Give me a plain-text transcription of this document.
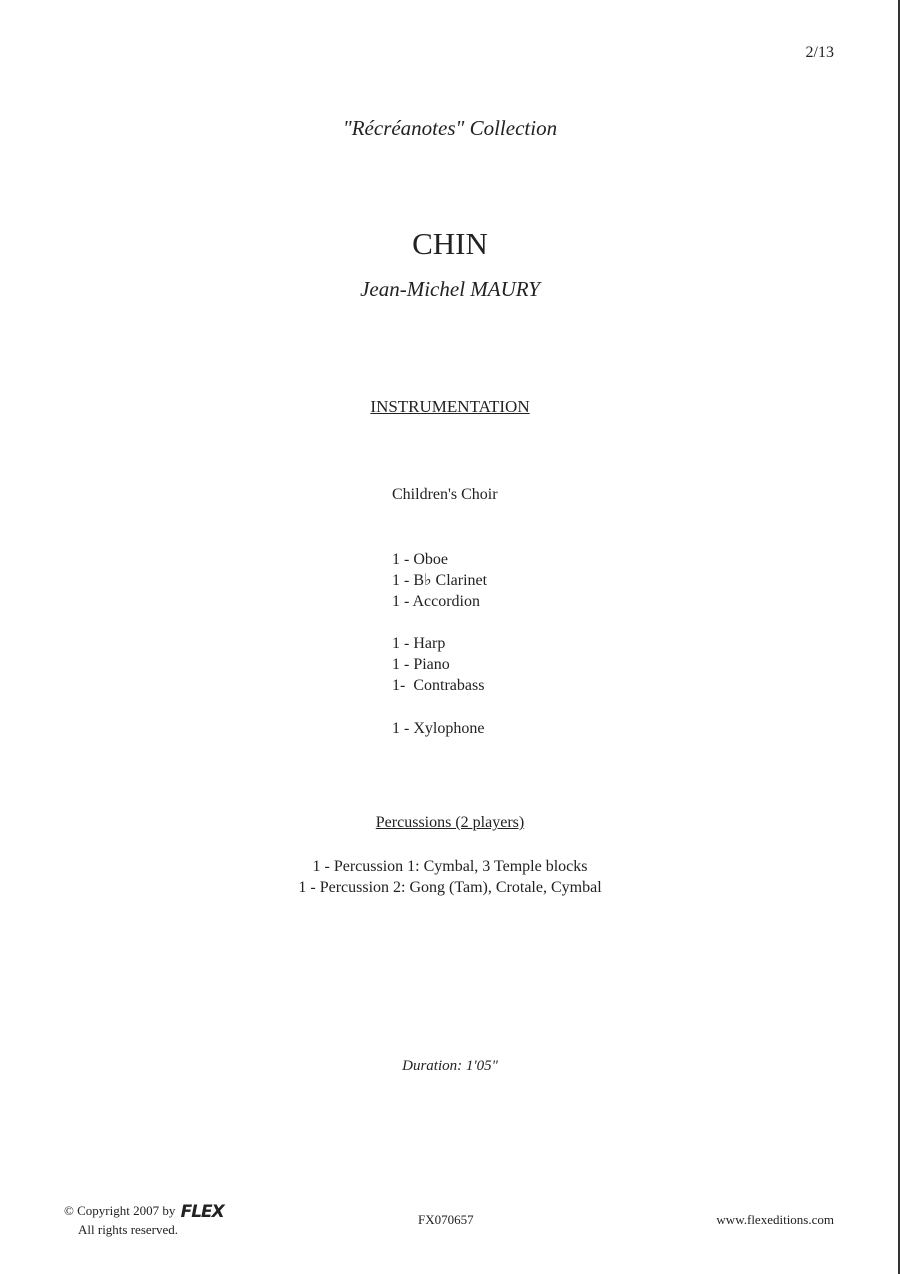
2/13
"Récréanotes" Collection
CHIN
Jean-Michel MAURY
INSTRUMENTATION
Children's Choir
1 - Oboe
1 - B♭ Clarinet
1 - Accordion
1 - Harp
1 - Piano
1-  Contrabass
1 - Xylophone
Percussions (2 players)
1 - Percussion 1: Cymbal, 3 Temple blocks
1 - Percussion 2: Gong (Tam), Crotale, Cymbal
Duration: 1'05"
© Copyright 2007 by FLEX
All rights reserved.
FX070657	www.flexeditions.com
